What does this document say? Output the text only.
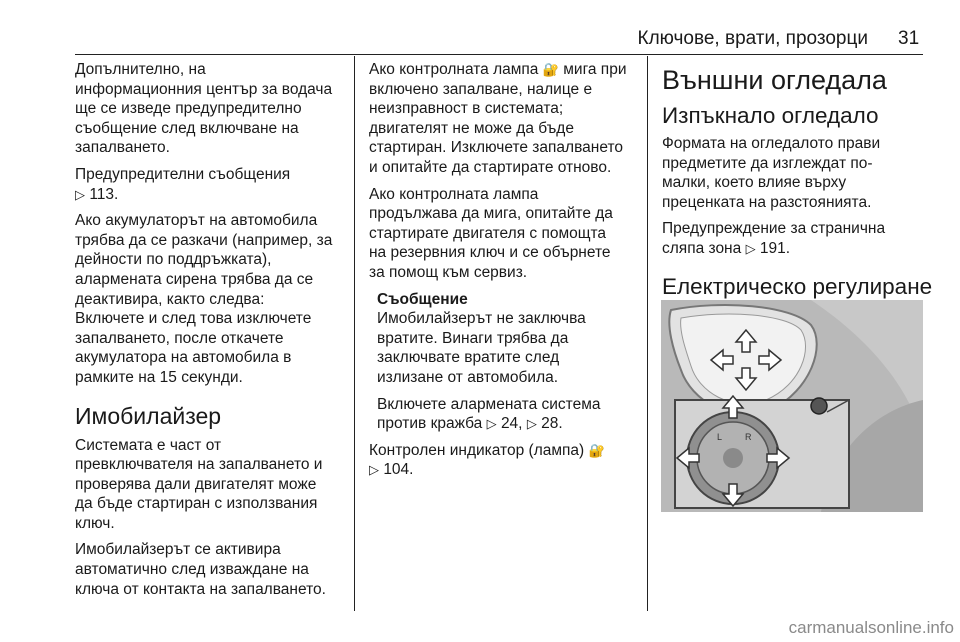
Ключове, врати, прозорци 31

Допълнително, на
информационния център за водача
ще се изведе предупредително
съобщение след включване на
запалването.

Предупредителни съобщения
▷ 113.

Ако акумулаторът на автомобила
трябва да се разкачи (например, за
дейности по поддръжката),
алармената сирена трябва да се
деактивира, както следва:
Включете и след това изключете
запалването, после откачете
акумулатора на автомобила в
рамките на 15 секунди.

Имобилайзер

Системата е част от
превключвателя на запалването и
проверява дали двигателят може
да бъде стартиран с използвания
ключ.

Имобилайзерът се активира
автоматично след изваждане на
ключа от контакта на запалването.

Ако контролната лампа 🔐 мига при
включено запалване, налице е
неизправност в системата;
двигателят не може да бъде
стартиран. Изключете запалването
и опитайте да стартирате отново.

Ако контролната лампа
продължава да мига, опитайте да
стартирате двигателя с помощта
на резервния ключ и се обърнете
за помощ към сервиз.

Съобщение

Имобилайзерът не заключва
вратите. Винаги трябва да
заключвате вратите след
излизане от автомобила.

Включете алармената система
против кражба ▷ 24, ▷ 28.

Контролен индикатор (лампа) 🔐
▷ 104.

Външни огледала
Изпъкнало огледало

Формата на огледалото прави
предметите да изглеждат по-
малки, което влияе върху
преценката на разстоянията.

Предупреждение за странична
сляпа зона ▷ 191.

Електрическо регулиране
L	R
carmanualsonline.info
